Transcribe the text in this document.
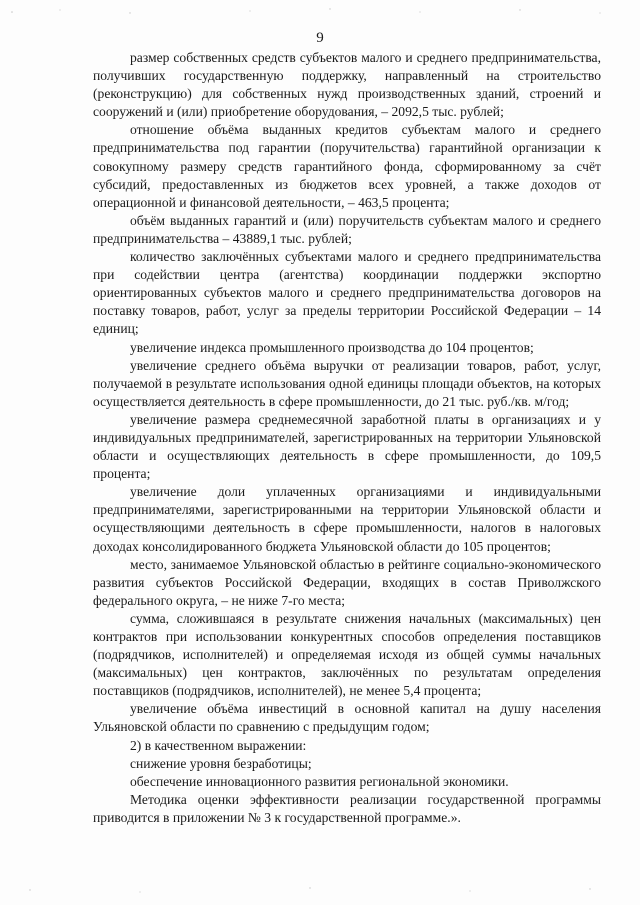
9

размер собственных средств субъектов малого и среднего предпринимательства, получивших государственную поддержку, направленный на строительство (реконструкцию) для собственных нужд производственных зданий, строений и сооружений и (или) приобретение оборудования, – 2092,5 тыс. рублей;

отношение объёма выданных кредитов субъектам малого и среднего предпринимательства под гарантии (поручительства) гарантийной организации к совокупному размеру средств гарантийного фонда, сформированному за счёт субсидий, предоставленных из бюджетов всех уровней, а также доходов от операционной и финансовой деятельности, – 463,5 процента;

объём выданных гарантий и (или) поручительств субъектам малого и среднего предпринимательства – 43889,1 тыс. рублей;

количество заключённых субъектами малого и среднего предпринимательства при содействии центра (агентства) координации поддержки экспортно ориентированных субъектов малого и среднего предпринимательства договоров на поставку товаров, работ, услуг за пределы территории Российской Федерации – 14 единиц;

увеличение индекса промышленного производства до 104 процентов;

увеличение среднего объёма выручки от реализации товаров, работ, услуг, получаемой в результате использования одной единицы площади объектов, на которых осуществляется деятельность в сфере промышленности, до 21 тыс. руб./кв. м/год;

увеличение размера среднемесячной заработной платы в организациях и у индивидуальных предпринимателей, зарегистрированных на территории Ульяновской области и осуществляющих деятельность в сфере промышленности, до 109,5 процента;

увеличение доли уплаченных организациями и индивидуальными предпринимателями, зарегистрированными на территории Ульяновской области и осуществляющими деятельность в сфере промышленности, налогов в налоговых доходах консолидированного бюджета Ульяновской области до 105 процентов;

место, занимаемое Ульяновской областью в рейтинге социально-экономического развития субъектов Российской Федерации, входящих в состав Приволжского федерального округа, – не ниже 7-го места;

сумма, сложившаяся в результате снижения начальных (максимальных) цен контрактов при использовании конкурентных способов определения поставщиков (подрядчиков, исполнителей) и определяемая исходя из общей суммы начальных (максимальных) цен контрактов, заключённых по результатам определения поставщиков (подрядчиков, исполнителей), не менее 5,4 процента;

увеличение объёма инвестиций в основной капитал на душу населения Ульяновской области по сравнению с предыдущим годом;

2) в качественном выражении:

снижение уровня безработицы;

обеспечение инновационного развития региональной экономики.

Методика оценки эффективности реализации государственной программы приводится в приложении № 3 к государственной программе.».
